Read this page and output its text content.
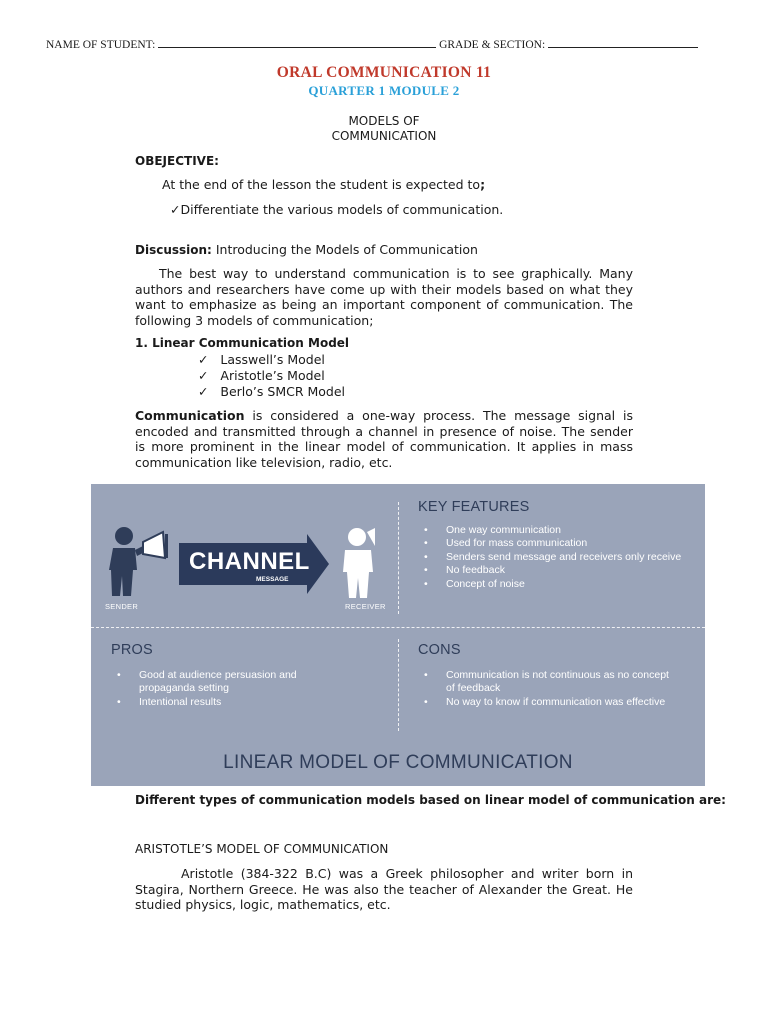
NAME OF STUDENT:	GRADE & SECTION:
ORAL COMMUNICATION 11
QUARTER 1 MODULE 2
MODELS OF
COMMUNICATION
OBEJECTIVE:
At the end of the lesson the student is expected to;
✓Differentiate the various models of communication.
Discussion: Introducing the Models of Communication
The best way to understand communication is to see graphically. Many authors and researchers have come up with their models based on what they want to emphasize as being an important component of communication. The following 3 models of communication;
1. Linear Communication Model
✓   Lasswell’s Model
✓   Aristotle’s Model
✓   Berlo’s SMCR Model
Communication is considered a one-way process. The message signal is encoded and transmitted through a channel in presence of noise. The sender is more prominent in the linear model of communication. It applies in mass communication like television, radio, etc.
SENDER
CHANNEL
MESSAGE
RECEIVER
KEY FEATURES
• One way communication
• Used for mass communication
• Senders send message and receivers only receive
• No feedback
• Concept of noise
PROS
• Good at audience persuasion and propaganda setting
• Intentional results
CONS
• Communication is not continuous as no concept of feedback
• No way to know if communication was effective
LINEAR MODEL OF COMMUNICATION
Different types of communication models based on linear model of communication are:
ARISTOTLE’S MODEL OF COMMUNICATION
Aristotle (384-322 B.C) was a Greek philosopher and writer born in Stagira, Northern Greece. He was also the teacher of Alexander the Great. He studied physics, logic, mathematics, etc.
